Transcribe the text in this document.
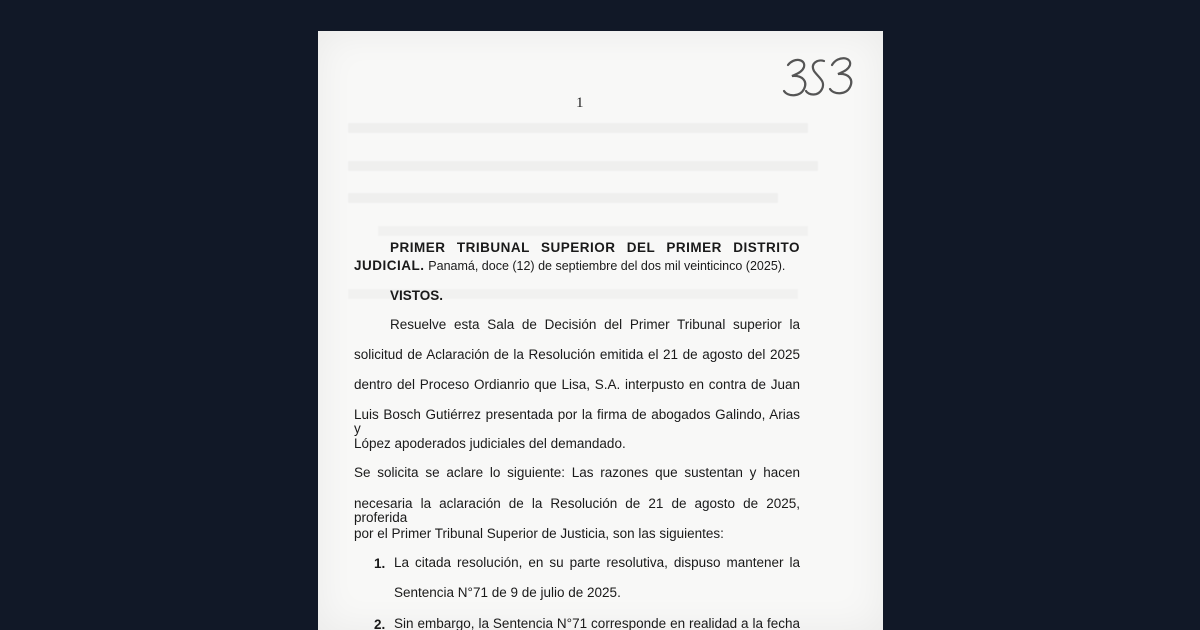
1
PRIMER TRIBUNAL SUPERIOR DEL PRIMER DISTRITO
JUDICIAL. Panamá, doce (12) de septiembre del dos mil veinticinco (2025).
VISTOS.
Resuelve esta Sala de Decisión del Primer Tribunal superior la
solicitud de Aclaración de la Resolución emitida el 21 de agosto del 2025
dentro del Proceso Ordianrio que Lisa, S.A. interpusto en contra de Juan
Luis Bosch Gutiérrez presentada por la firma de abogados Galindo, Arias y
López apoderados judiciales del demandado.
Se solicita se aclare lo siguiente: Las razones que sustentan y hacen
necesaria la aclaración de la Resolución de 21 de agosto de 2025, proferida
por el Primer Tribunal Superior de Justicia, son las siguientes:
1. La citada resolución, en su parte resolutiva, dispuso mantener la
Sentencia N°71 de 9 de julio de 2025.
2. Sin embargo, la Sentencia N°71 corresponde en realidad a la fecha
